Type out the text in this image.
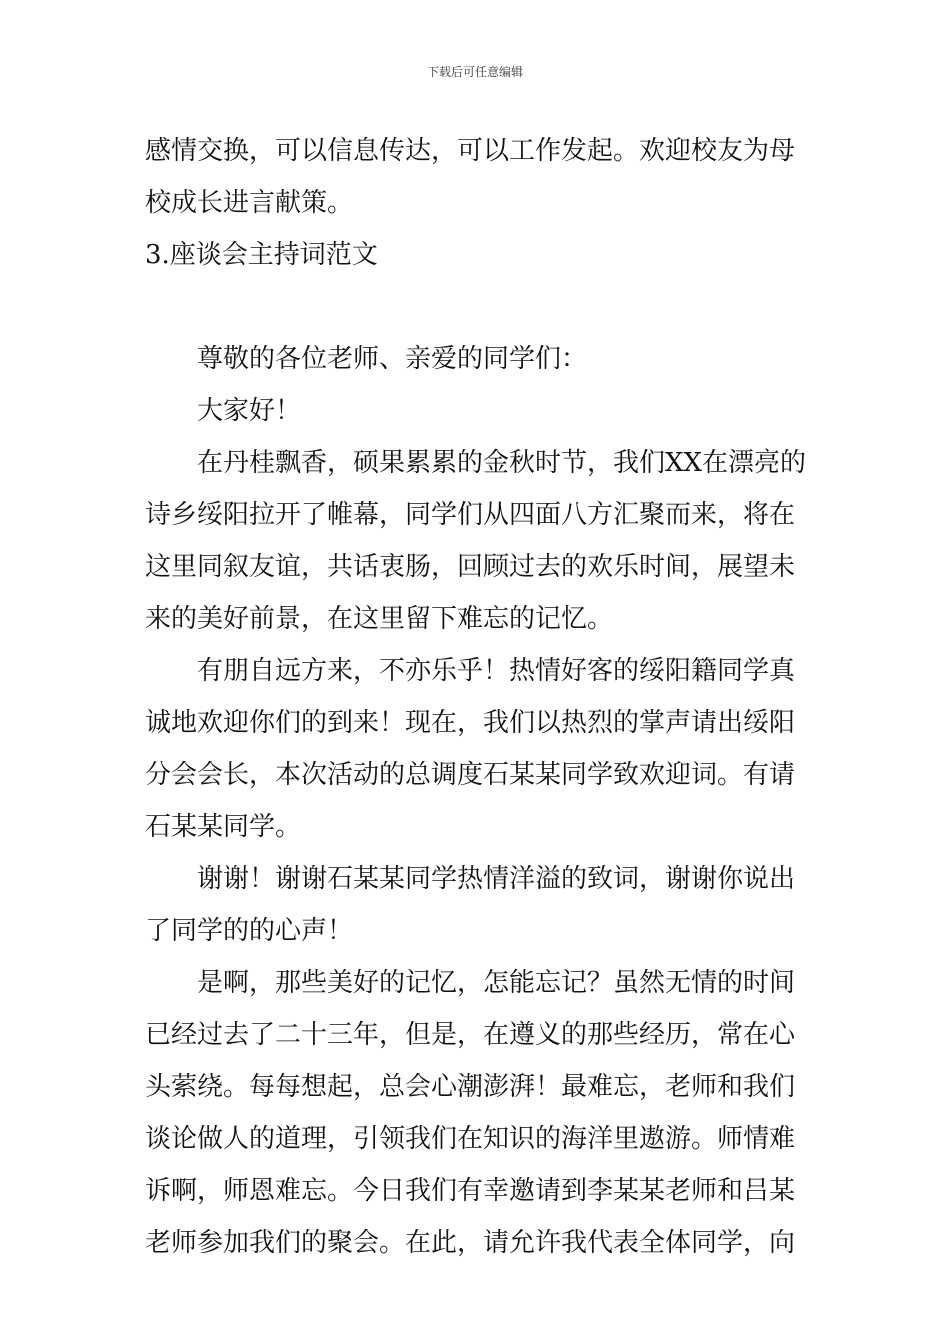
下载后可任意编辑
感情交换，可以信息传达，可以工作发起。欢迎校友为母
校成长进言献策。
3.座谈会主持词范文
尊敬的各位老师、亲爱的同学们：
大家好！
在丹桂飘香，硕果累累的金秋时节，我们XX在漂亮的
诗乡绥阳拉开了帷幕，同学们从四面八方汇聚而来，将在
这里同叙友谊，共话衷肠，回顾过去的欢乐时间，展望未
来的美好前景，在这里留下难忘的记忆。
有朋自远方来，不亦乐乎！热情好客的绥阳籍同学真
诚地欢迎你们的到来！现在，我们以热烈的掌声请出绥阳
分会会长，本次活动的总调度石某某同学致欢迎词。有请
石某某同学。
谢谢！谢谢石某某同学热情洋溢的致词，谢谢你说出
了同学的的心声！
是啊，那些美好的记忆，怎能忘记？虽然无情的时间
已经过去了二十三年，但是，在遵义的那些经历，常在心
头萦绕。每每想起，总会心潮澎湃！最难忘，老师和我们
谈论做人的道理，引领我们在知识的海洋里遨游。师情难
诉啊，师恩难忘。今日我们有幸邀请到李某某老师和吕某
老师参加我们的聚会。在此，请允许我代表全体同学，向
